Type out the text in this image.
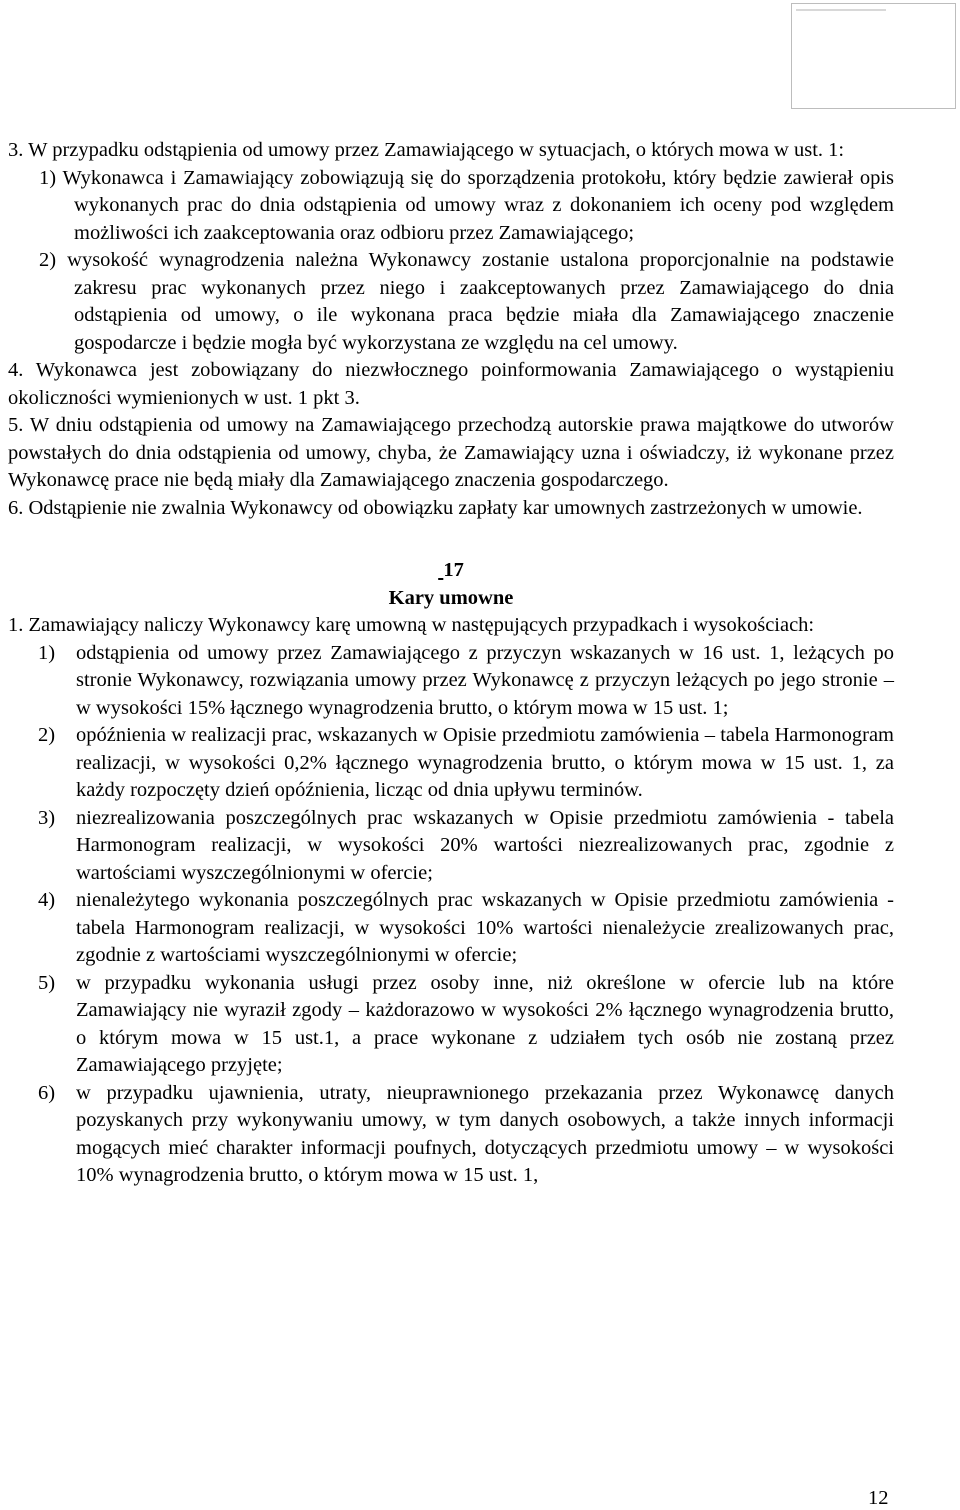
3. W przypadku odstąpienia od umowy przez Zamawiającego w sytuacjach, o których mowa w ust. 1:

1) Wykonawca i Zamawiający zobowiązują się do sporządzenia protokołu, który będzie zawierał opis wykonanych prac do dnia odstąpienia od umowy wraz z dokonaniem ich oceny pod względem możliwości ich zaakceptowania oraz odbioru przez Zamawiającego;

2) wysokość wynagrodzenia należna Wykonawcy zostanie ustalona proporcjonalnie na podstawie zakresu prac wykonanych przez niego i zaakceptowanych przez Zamawiającego do dnia odstąpienia od umowy, o ile wykonana praca będzie miała dla Zamawiającego znaczenie gospodarcze i będzie mogła być wykorzystana ze względu na cel umowy.

4. Wykonawca jest zobowiązany do niezwłocznego poinformowania Zamawiającego o wystąpieniu okoliczności wymienionych w ust. 1 pkt 3.

5. W dniu odstąpienia od umowy na Zamawiającego przechodzą autorskie prawa majątkowe do utworów powstałych do dnia odstąpienia od umowy, chyba, że Zamawiający uzna i oświadczy, iż wykonane przez Wykonawcę prace nie będą miały dla Zamawiającego znaczenia gospodarczego.

6. Odstąpienie nie zwalnia Wykonawcy od obowiązku zapłaty kar umownych zastrzeżonych w umowie.

17

Kary umowne

1. Zamawiający naliczy Wykonawcy karę umowną w następujących przypadkach i wysokościach:

1)	odstąpienia od umowy przez Zamawiającego z przyczyn wskazanych w 16 ust. 1, leżących po stronie Wykonawcy, rozwiązania umowy przez Wykonawcę z przyczyn leżących po jego stronie – w wysokości 15% łącznego wynagrodzenia brutto, o którym mowa w 15 ust. 1;
2)	opóźnienia w realizacji prac, wskazanych w Opisie przedmiotu zamówienia – tabela Harmonogram realizacji, w wysokości 0,2% łącznego wynagrodzenia brutto, o którym mowa w 15 ust. 1, za każdy rozpoczęty dzień opóźnienia, licząc od dnia upływu terminów.
3)	niezrealizowania poszczególnych prac wskazanych w Opisie przedmiotu zamówienia - tabela Harmonogram realizacji, w wysokości 20% wartości niezrealizowanych prac, zgodnie z wartościami wyszczególnionymi w ofercie;
4)	nienależytego wykonania poszczególnych prac wskazanych w Opisie przedmiotu zamówienia - tabela Harmonogram realizacji, w wysokości 10% wartości nienależycie zrealizowanych prac, zgodnie z wartościami wyszczególnionymi w ofercie;
5)	w przypadku wykonania usługi przez osoby inne, niż określone w ofercie lub na które Zamawiający nie wyraził zgody – każdorazowo w wysokości 2% łącznego wynagrodzenia brutto, o którym mowa w 15 ust.1, a prace wykonane z udziałem tych osób nie zostaną przez Zamawiającego przyjęte;
6)	w przypadku ujawnienia, utraty, nieuprawnionego przekazania przez Wykonawcę danych pozyskanych przy wykonywaniu umowy, w tym danych osobowych, a także innych informacji mogących mieć charakter informacji poufnych, dotyczących przedmiotu umowy – w wysokości 10% wynagrodzenia brutto, o którym mowa w 15 ust. 1,
12
